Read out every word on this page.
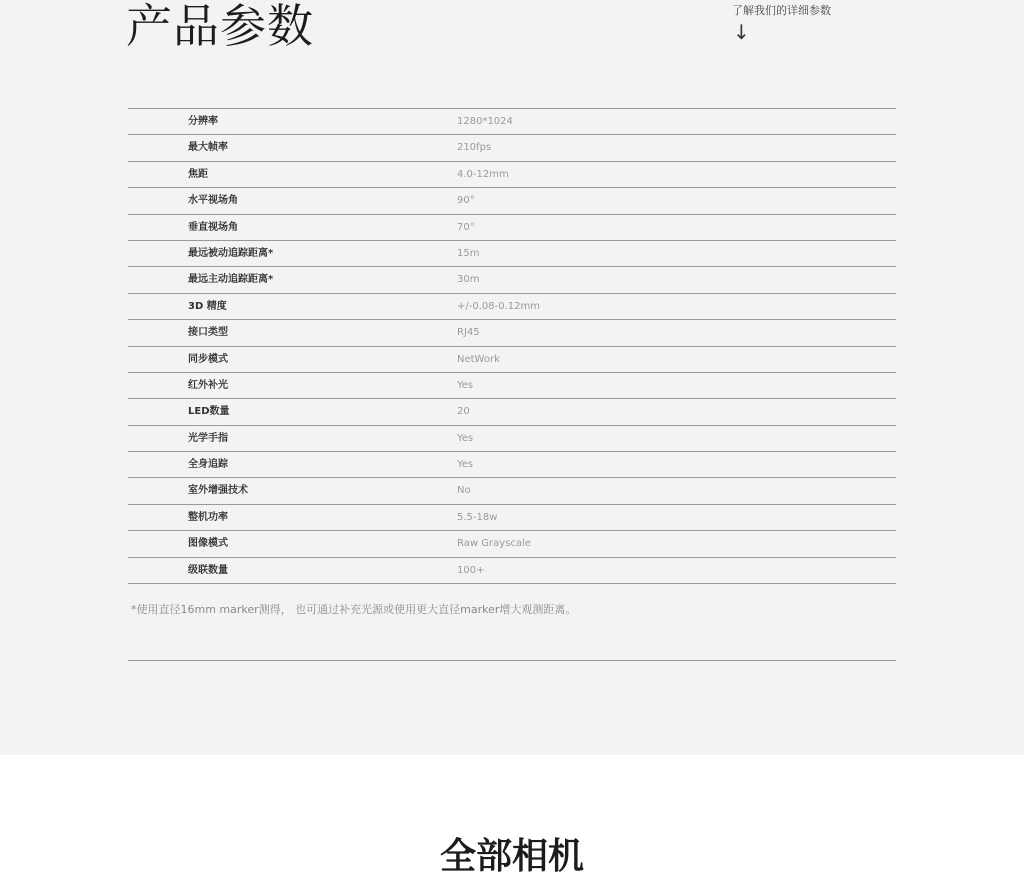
产品参数	了解我们的详细参数
↓
分辨率	1280*1024
最大帧率	210fps
焦距	4.0-12mm
水平视场角	90°
垂直视场角	70°
最远被动追踪距离*	15m
最远主动追踪距离*	30m
3D 精度	+/-0.08-0.12mm
接口类型	RJ45
同步模式	NetWork
红外补光	Yes
LED数量	20
光学手指	Yes
全身追踪	Yes
室外增强技术	No
整机功率	5.5-18w
图像模式	Raw Grayscale
级联数量	100+
*使用直径16mm marker测得， 也可通过补充光源或使用更大直径marker增大观测距离。
全部相机
